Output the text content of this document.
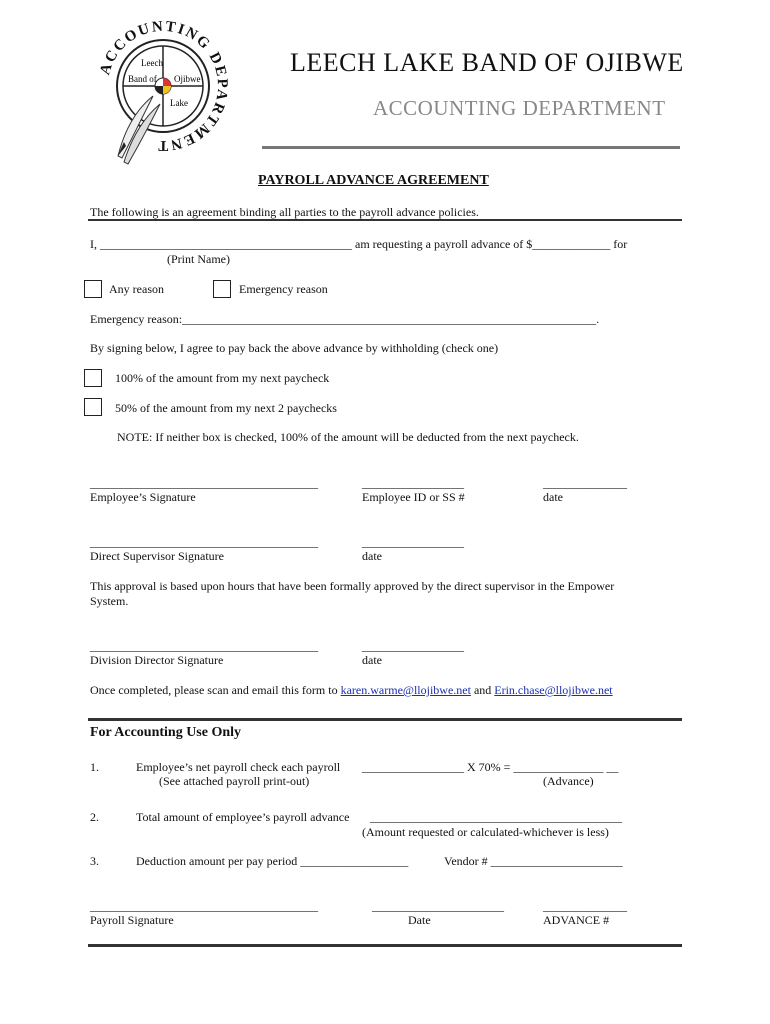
ACCOUNTING DEPARTMENT
Leech
Lake
Band of Ojibwe
LEECH LAKE BAND OF OJIBWE
ACCOUNTING DEPARTMENT
PAYROLL ADVANCE AGREEMENT
The following is an agreement binding all parties to the payroll advance policies.
I, __________________________________________ am requesting a payroll advance of $_____________ for
(Print Name)
Any reason	Emergency reason
Emergency reason:_____________________________________________________________________.
By signing below, I agree to pay back the above advance by withholding (check one)
100% of the amount from my next paycheck
50% of the amount from my next 2 paychecks
NOTE: If neither box is checked, 100% of the amount will be deducted from the next paycheck.
______________________________________	_________________	______________
Employee’s Signature	Employee ID or SS #	date
______________________________________	_________________
Direct Supervisor Signature	date
This approval is based upon hours that have been formally approved by the direct supervisor in the Empower
System.
______________________________________	_________________
Division Director Signature	date
Once completed, please scan and email this form to karen.warme@llojibwe.net and Erin.chase@llojibwe.net
For Accounting Use Only
1.	Employee’s net payroll check each payroll _________________ X 70% = _______________ __
(See attached payroll print-out)	(Advance)
2.	Total amount of employee’s payroll advance __________________________________________
(Amount requested or calculated-whichever is less)
3.	Deduction amount per pay period __________________	Vendor # ______________________
______________________________________	______________________	______________
Payroll Signature	Date	ADVANCE #
